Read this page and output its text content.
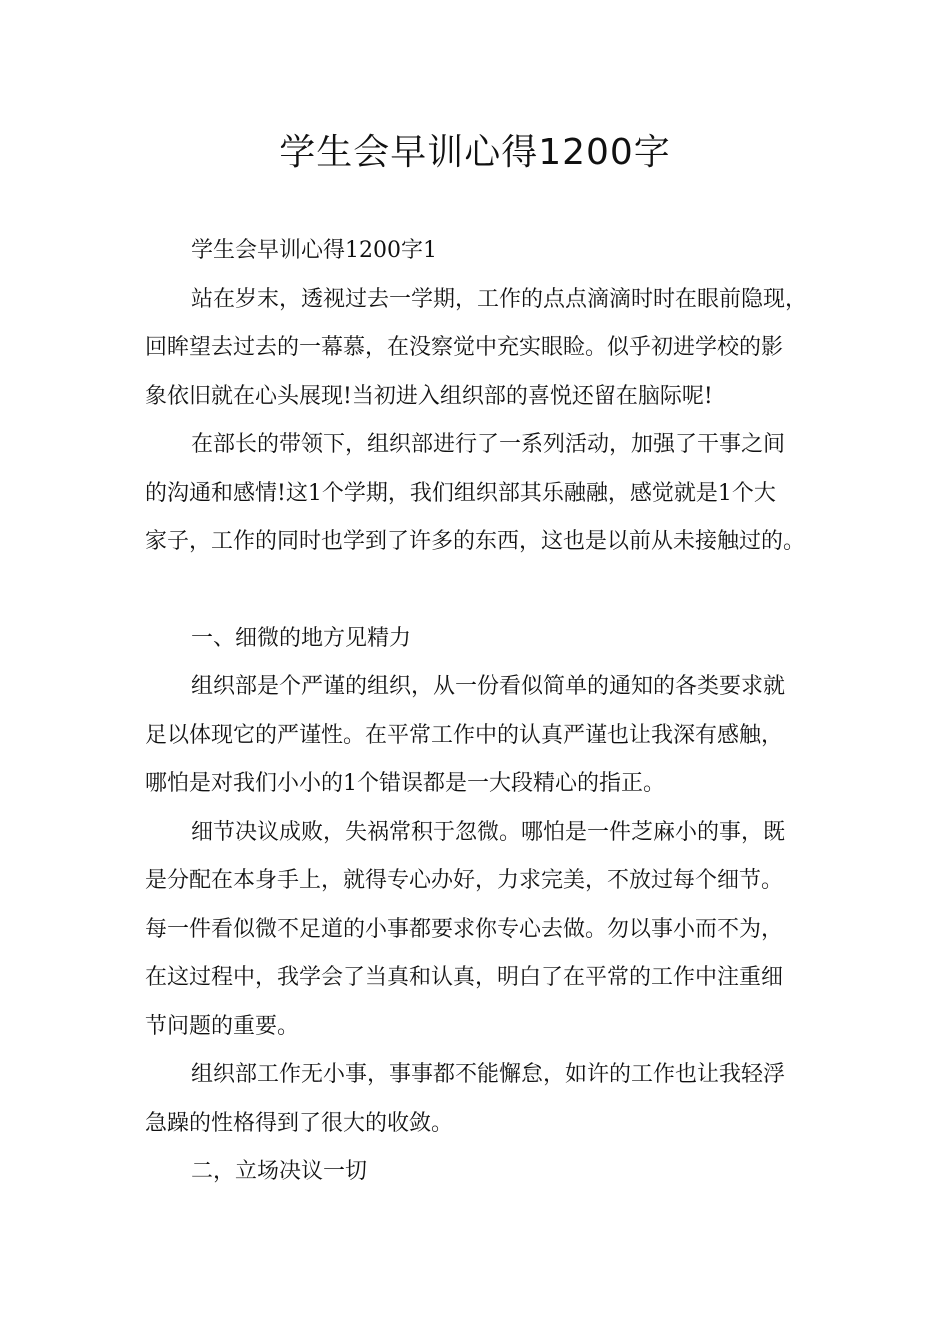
学生会早训心得1200字

学生会早训心得1200字1

站在岁末，透视过去一学期，工作的点点滴滴时时在眼前隐现，
回眸望去过去的一幕慕，在没察觉中充实眼睑。似乎初进学校的影
象依旧就在心头展现!当初进入组织部的喜悦还留在脑际呢!

在部长的带领下，组织部进行了一系列活动，加强了干事之间
的沟通和感情!这1个学期，我们组织部其乐融融，感觉就是1个大
家子，工作的同时也学到了许多的东西，这也是以前从未接触过的。

一、细微的地方见精力

组织部是个严谨的组织，从一份看似简单的通知的各类要求就
足以体现它的严谨性。在平常工作中的认真严谨也让我深有感触，
哪怕是对我们小小的1个错误都是一大段精心的指正。

细节决议成败，失祸常积于忽微。哪怕是一件芝麻小的事，既
是分配在本身手上，就得专心办好，力求完美，不放过每个细节。
每一件看似微不足道的小事都要求你专心去做。勿以事小而不为，
在这过程中，我学会了当真和认真，明白了在平常的工作中注重细
节问题的重要。

组织部工作无小事，事事都不能懈怠，如许的工作也让我轻浮
急躁的性格得到了很大的收敛。

二，立场决议一切
